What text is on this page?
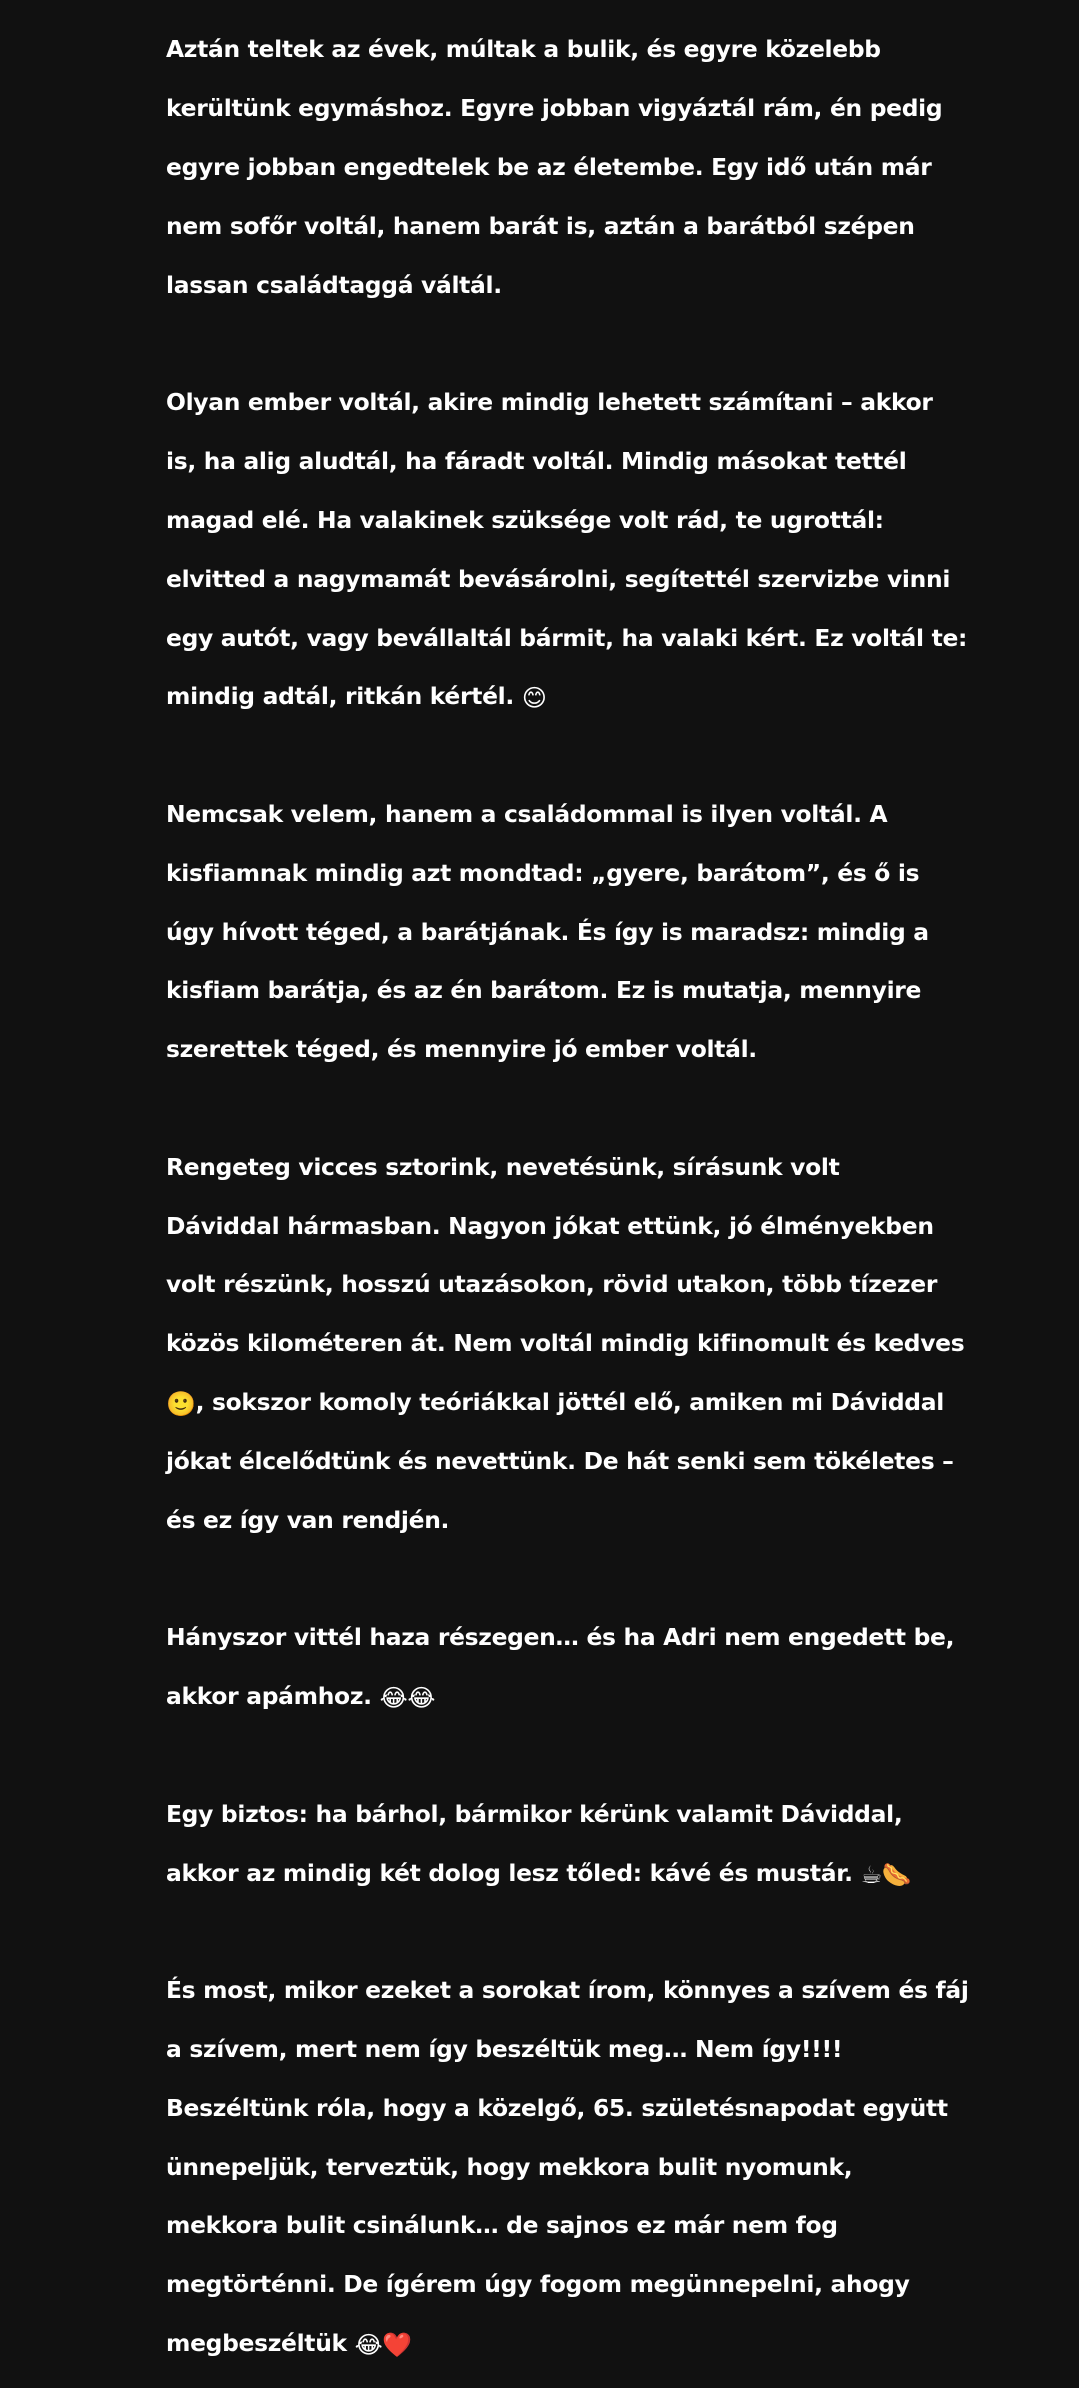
Aztán teltek az évek, múltak a bulik, és egyre közelebb

kerültünk egymáshoz. Egyre jobban vigyáztál rám, én pedig

egyre jobban engedtelek be az életembe. Egy idő után már

nem sofőr voltál, hanem barát is, aztán a barátból szépen

lassan családtaggá váltál.

Olyan ember voltál, akire mindig lehetett számítani – akkor

is, ha alig aludtál, ha fáradt voltál. Mindig másokat tettél

magad elé. Ha valakinek szüksége volt rád, te ugrottál:

elvitted a nagymamát bevásárolni, segítettél szervizbe vinni

egy autót, vagy bevállaltál bármit, ha valaki kért. Ez voltál te:

mindig adtál, ritkán kértél. 😊

Nemcsak velem, hanem a családommal is ilyen voltál. A

kisfiamnak mindig azt mondtad: „gyere, barátom”, és ő is

úgy hívott téged, a barátjának. És így is maradsz: mindig a

kisfiam barátja, és az én barátom. Ez is mutatja, mennyire

szerettek téged, és mennyire jó ember voltál.

Rengeteg vicces sztorink, nevetésünk, sírásunk volt

Dáviddal hármasban. Nagyon jókat ettünk, jó élményekben

volt részünk, hosszú utazásokon, rövid utakon, több tízezer

közös kilométeren át. Nem voltál mindig kifinomult és kedves

🙂, sokszor komoly teóriákkal jöttél elő, amiken mi Dáviddal

jókat élcelődtünk és nevettünk. De hát senki sem tökéletes –

és ez így van rendjén.

Hányszor vittél haza részegen… és ha Adri nem engedett be,

akkor apámhoz. 😂😂

Egy biztos: ha bárhol, bármikor kérünk valamit Dáviddal,

akkor az mindig két dolog lesz tőled: kávé és mustár. ☕🌭

És most, mikor ezeket a sorokat írom, könnyes a szívem és fáj

a szívem, mert nem így beszéltük meg… Nem így!!!!

Beszéltünk róla, hogy a közelgő, 65. születésnapodat együtt

ünnepeljük, terveztük, hogy mekkora bulit nyomunk,

mekkora bulit csinálunk… de sajnos ez már nem fog

megtörténni. De ígérem úgy fogom megünnepelni, ahogy

megbeszéltük 😂❤️
